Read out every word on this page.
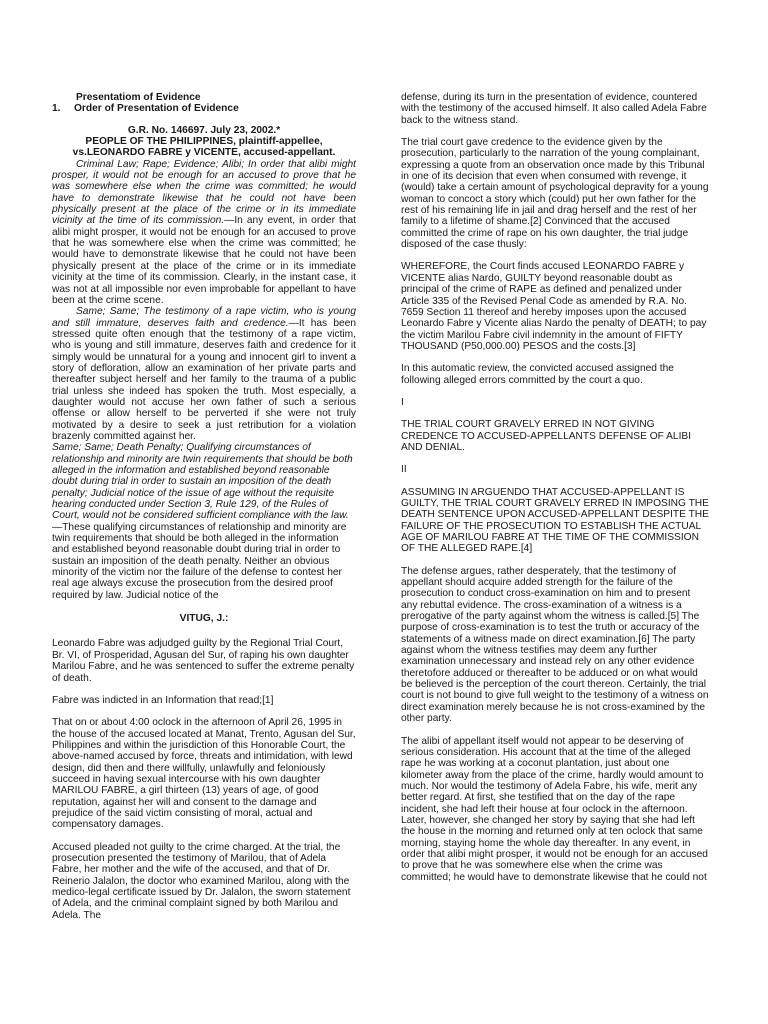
Presentatiom of Evidence

1.	Order of Presentation of Evidence

G.R. No. 146697. July 23, 2002.*

PEOPLE OF THE PHILIPPINES, plaintiff-appellee,

vs.LEONARDO FABRE y VICENTE, accused-appellant.

Criminal Law; Rape; Evidence; Alibi; In order that alibi might prosper, it would not be enough for an accused to prove that he was somewhere else when the crime was committed; he would have to demonstrate likewise that he could not have been physically present at the place of the crime or in its immediate vicinity at the time of its commission.—In any event, in order that alibi might prosper, it would not be enough for an accused to prove that he was somewhere else when the crime was committed; he would have to demonstrate likewise that he could not have been physically present at the place of the crime or in its immediate vicinity at the time of its commission. Clearly, in the instant case, it was not at all impossible nor even improbable for appellant to have been at the crime scene.

Same; Same; The testimony of a rape victim, who is young and still immature, deserves faith and credence.—It has been stressed quite often enough that the testimony of a rape victim, who is young and still immature, deserves faith and credence for it simply would be unnatural for a young and innocent girl to invent a story of defloration, allow an examination of her private parts and thereafter subject herself and her family to the trauma of a public trial unless she indeed has spoken the truth. Most especially, a daughter would not accuse her own father of such a serious offense or allow herself to be perverted if she were not truly motivated by a desire to seek a just retribution for a violation brazenly committed against her.

Same; Same; Death Penalty; Qualifying circumstances of relationship and minority are twin requirements that should be both alleged in the information and established beyond reasonable doubt during trial in order to sustain an imposition of the death penalty; Judicial notice of the issue of age without the requisite hearing conducted under Section 3, Rule 129, of the Rules of Court, would not be considered sufficient compliance with the law.—These qualifying circumstances of relationship and minority are twin requirements that should be both alleged in the information and established beyond reasonable doubt during trial in order to sustain an imposition of the death penalty. Neither an obvious minority of the victim nor the failure of the defense to contest her real age always excuse the prosecution from the desired proof required by law. Judicial notice of the

VITUG, J.:

Leonardo Fabre was adjudged guilty by the Regional Trial Court, Br. VI, of Prosperidad, Agusan del Sur, of raping his own daughter Marilou Fabre, and he was sentenced to suffer the extreme penalty of death.

Fabre was indicted in an Information that read;[1]

That on or about 4:00 oclock in the afternoon of April 26, 1995 in the house of the accused located at Manat, Trento, Agusan del Sur, Philippines and within the jurisdiction of this Honorable Court, the above-named accused by force, threats and intimidation, with lewd design, did then and there willfully, unlawfully and feloniously succeed in having sexual intercourse with his own daughter MARILOU FABRE, a girl thirteen (13) years of age, of good reputation, against her will and consent to the damage and prejudice of the said victim consisting of moral, actual and compensatory damages.

Accused pleaded not guilty to the crime charged. At the trial, the prosecution presented the testimony of Marilou, that of Adela Fabre, her mother and the wife of the accused, and that of Dr. Reinerio Jalalon, the doctor who examined Marilou, along with the medico-legal certificate issued by Dr. Jalalon, the sworn statement of Adela, and the criminal complaint signed by both Marilou and Adela. The

defense, during its turn in the presentation of evidence, countered with the testimony of the accused himself. It also called Adela Fabre back to the witness stand.

The trial court gave credence to the evidence given by the prosecution, particularly to the narration of the young complainant, expressing a quote from an observation once made by this Tribunal in one of its decision that even when consumed with revenge, it (would) take a certain amount of psychological depravity for a young woman to concoct a story which (could) put her own father for the rest of his remaining life in jail and drag herself and the rest of her family to a lifetime of shame.[2] Convinced that the accused committed the crime of rape on his own daughter, the trial judge disposed of the case thusly:

WHEREFORE, the Court finds accused LEONARDO FABRE y VICENTE alias Nardo, GUILTY beyond reasonable doubt as principal of the crime of RAPE as defined and penalized under Article 335 of the Revised Penal Code as amended by R.A. No. 7659 Section 11 thereof and hereby imposes upon the accused Leonardo Fabre y Vicente alias Nardo the penalty of DEATH; to pay the victim Marilou Fabre civil indemnity in the amount of FIFTY THOUSAND (P50,000.00) PESOS and the costs.[3]

In this automatic review, the convicted accused assigned the following alleged errors committed by the court a quo.

I

THE TRIAL COURT GRAVELY ERRED IN NOT GIVING CREDENCE TO ACCUSED-APPELLANTS DEFENSE OF ALIBI AND DENIAL.

II

ASSUMING IN ARGUENDO THAT ACCUSED-APPELLANT IS GUILTY, THE TRIAL COURT GRAVELY ERRED IN IMPOSING THE DEATH SENTENCE UPON ACCUSED-APPELLANT DESPITE THE FAILURE OF THE PROSECUTION TO ESTABLISH THE ACTUAL AGE OF MARILOU FABRE AT THE TIME OF THE COMMISSION OF THE ALLEGED RAPE.[4]

The defense argues, rather desperately, that the testimony of appellant should acquire added strength for the failure of the prosecution to conduct cross-examination on him and to present any rebuttal evidence. The cross-examination of a witness is a prerogative of the party against whom the witness is called.[5] The purpose of cross-examination is to test the truth or accuracy of the statements of a witness made on direct examination.[6] The party against whom the witness testifies may deem any further examination unnecessary and instead rely on any other evidence theretofore adduced or thereafter to be adduced or on what would be believed is the perception of the court thereon. Certainly, the trial court is not bound to give full weight to the testimony of a witness on direct examination merely because he is not cross-examined by the other party.

The alibi of appellant itself would not appear to be deserving of serious consideration. His account that at the time of the alleged rape he was working at a coconut plantation, just about one kilometer away from the place of the crime, hardly would amount to much. Nor would the testimony of Adela Fabre, his wife, merit any better regard. At first, she testified that on the day of the rape incident, she had left their house at four oclock in the afternoon. Later, however, she changed her story by saying that she had left the house in the morning and returned only at ten oclock that same morning, staying home the whole day thereafter. In any event, in order that alibi might prosper, it would not be enough for an accused to prove that he was somewhere else when the crime was committed; he would have to demonstrate likewise that he could not
